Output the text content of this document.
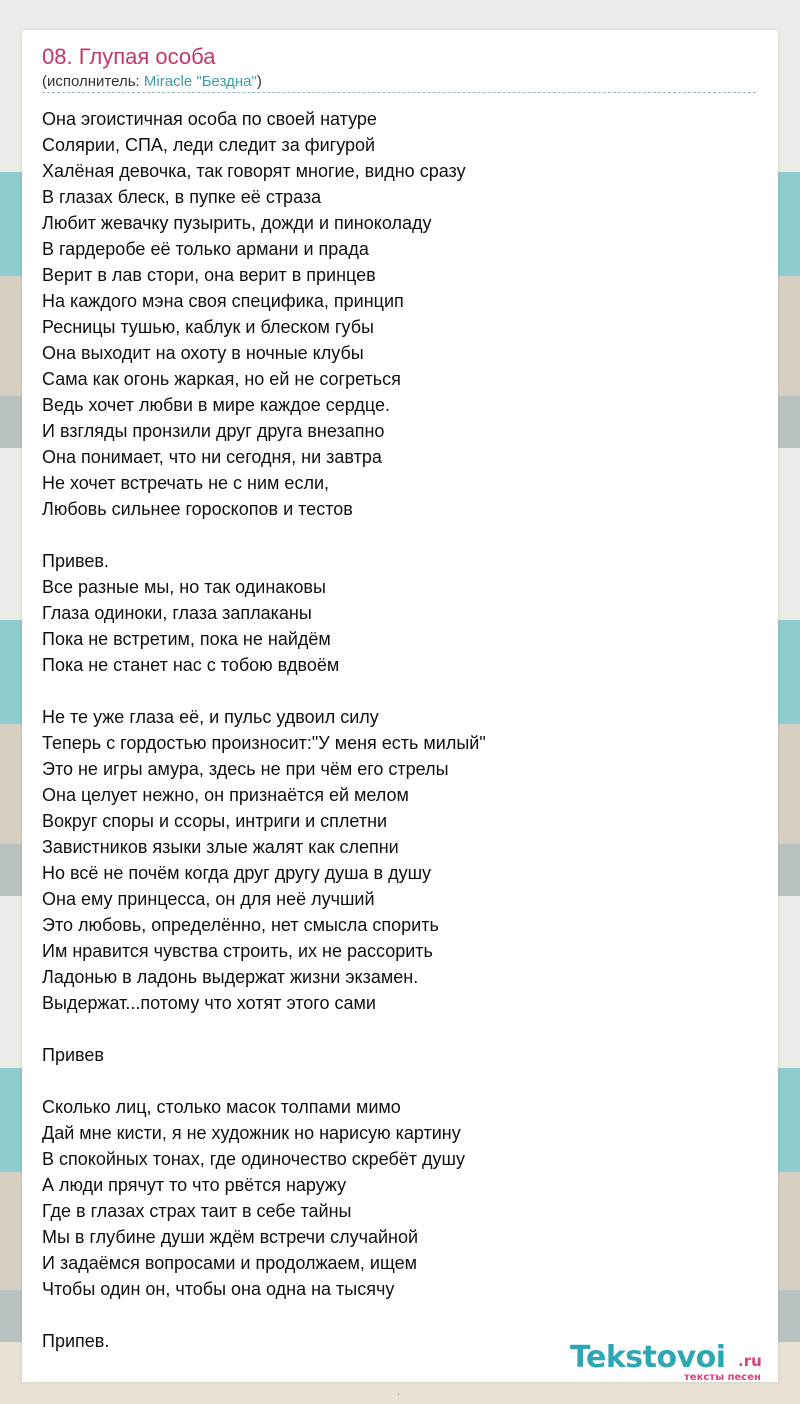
08. Глупая особа
(исполнитель: Miracle "Бездна")
Она эгоистичная особа по своей натуре
Солярии, СПА, леди следит за фигурой
Халёная девочка, так говорят многие, видно сразу
В глазах блеск, в пупке её страза
Любит жевачку пузырить, дожди и пиноколаду
В гардеробе её только армани и прада
Верит в лав стори, она верит в принцев
На каждого мэна своя специфика, принцип
Ресницы тушью, каблук и блеском губы
Она выходит на охоту в ночные клубы
Сама как огонь жаркая, но ей не согреться
Ведь хочет любви в мире каждое сердце.
И взгляды пронзили друг друга внезапно
Она понимает, что ни сегодня, ни завтра
Не хочет встречать не с ним если,
Любовь сильнее гороскопов и тестов
Привев.
Все разные мы, но так одинаковы
Глаза одиноки, глаза заплаканы
Пока не встретим, пока не найдём
Пока не станет нас с тобою вдвоём
Не те уже глаза её, и пульс удвоил силу
Теперь с гордостью произносит:"У меня есть милый"
Это не игры амура, здесь не при чём его стрелы
Она целует нежно, он признаётся ей мелом
Вокруг споры и ссоры, интриги и сплетни
Завистников языки злые жалят как слепни
Но всё не почём когда друг другу душа в душу
Она ему принцесса, он для неё лучший
Это любовь, определённо, нет смысла спорить
Им нравится чувства строить, их не рассорить
Ладонью в ладонь выдержат жизни экзамен.
Выдержат...потому что хотят этого сами
Привев
Сколько лиц, столько масок толпами мимо
Дай мне кисти, я не художник но нарисую картину
В спокойных тонах, где одиночество скребёт душу
А люди прячут то что рвётся наружу
Где в глазах страх таит в себе тайны
Мы в глубине души ждём встречи случайной
И задаёмся вопросами и продолжаем, ищем
Чтобы один он, чтобы она одна на тысячу
Припев.	Tekstovoi .ru
тексты песен
.
